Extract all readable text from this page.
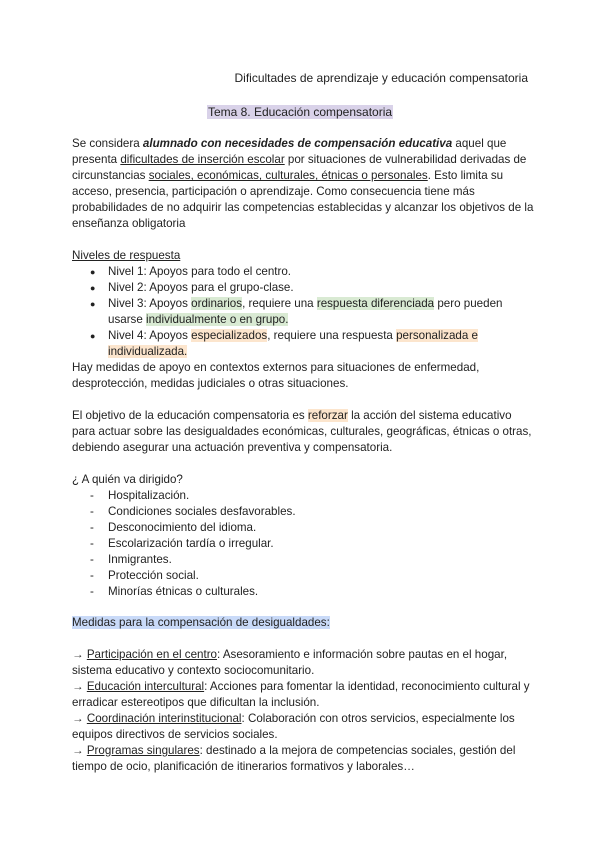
Dificultades de aprendizaje y educación compensatoria
Tema 8. Educación compensatoria

Se considera alumnado con necesidades de compensación educativa aquel que presenta dificultades de inserción escolar por situaciones de vulnerabilidad derivadas de circunstancias sociales, económicas, culturales, étnicas o personales. Esto limita su acceso, presencia, participación o aprendizaje. Como consecuencia tiene más probabilidades de no adquirir las competencias establecidas y alcanzar los objetivos de la enseñanza obligatoria

Niveles de respuesta

● Nivel 1: Apoyos para todo el centro.
● Nivel 2: Apoyos para el grupo-clase.
● Nivel 3: Apoyos ordinarios, requiere una respuesta diferenciada pero pueden usarse individualmente o en grupo.
● Nivel 4: Apoyos especializados, requiere una respuesta personalizada e individualizada.

Hay medidas de apoyo en contextos externos para situaciones de enfermedad, desprotección, medidas judiciales o otras situaciones.

El objetivo de la educación compensatoria es reforzar la acción del sistema educativo para actuar sobre las desigualdades económicas, culturales, geográficas, étnicas o otras, debiendo asegurar una actuación preventiva y compensatoria.

¿ A quién va dirigido?

- Hospitalización.
- Condiciones sociales desfavorables.
- Desconocimiento del idioma.
- Escolarización tardía o irregular.
- Inmigrantes.
- Protección social.
- Minorías étnicas o culturales.
Medidas para la compensación de desigualdades:

→ Participación en el centro: Asesoramiento e información sobre pautas en el hogar, sistema educativo y contexto sociocomunitario.

→ Educación intercultural: Acciones para fomentar la identidad, reconocimiento cultural y erradicar estereotipos que dificultan la inclusión.

→ Coordinación interinstitucional: Colaboración con otros servicios, especialmente los equipos directivos de servicios sociales.

→ Programas singulares: destinado a la mejora de competencias sociales, gestión del tiempo de ocio, planificación de itinerarios formativos y laborales…
